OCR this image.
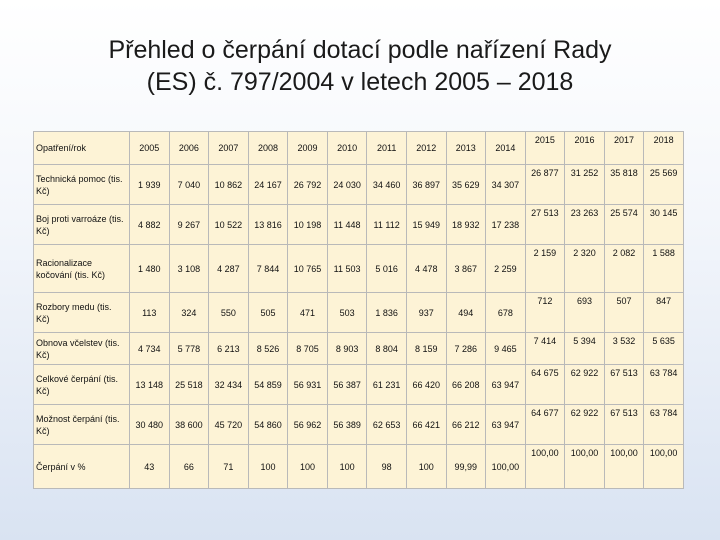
Přehled o čerpání dotací podle nařízení Rady
(ES) č. 797/2004 v letech 2005 – 2018
Opatření/rok	2005	2006	2007	2008	2009	2010	2011	2012	2013	2014	2015	2016	2017	2018
Technická pomoc (tis. Kč)	1 939	7 040	10 862	24 167	26 792	24 030	34 460	36 897	35 629	34 307	26 877	31 252	35 818	25 569
Boj proti varroáze (tis. Kč)	4 882	9 267	10 522	13 816	10 198	11 448	11 112	15 949	18 932	17 238	27 513	23 263	25 574	30 145
Racionalizace kočování (tis. Kč)	1 480	3 108	4 287	7 844	10 765	11 503	5 016	4 478	3 867	2 259	2 159	2 320	2 082	1 588
Rozbory medu (tis. Kč)	113	324	550	505	471	503	1 836	937	494	678	712	693	507	847
Obnova včelstev (tis. Kč)	4 734	5 778	6 213	8 526	8 705	8 903	8 804	8 159	7 286	9 465	7 414	5 394	3 532	5 635
Celkové čerpání (tis. Kč)	13 148	25 518	32 434	54 859	56 931	56 387	61 231	66 420	66 208	63 947	64 675	62 922	67 513	63 784
Možnost čerpání (tis. Kč)	30 480	38 600	45 720	54 860	56 962	56 389	62 653	66 421	66 212	63 947	64 677	62 922	67 513	63 784
Čerpání v %	43	66	71	100	100	100	98	100	99,99	100,00	100,00	100,00	100,00	100,00
